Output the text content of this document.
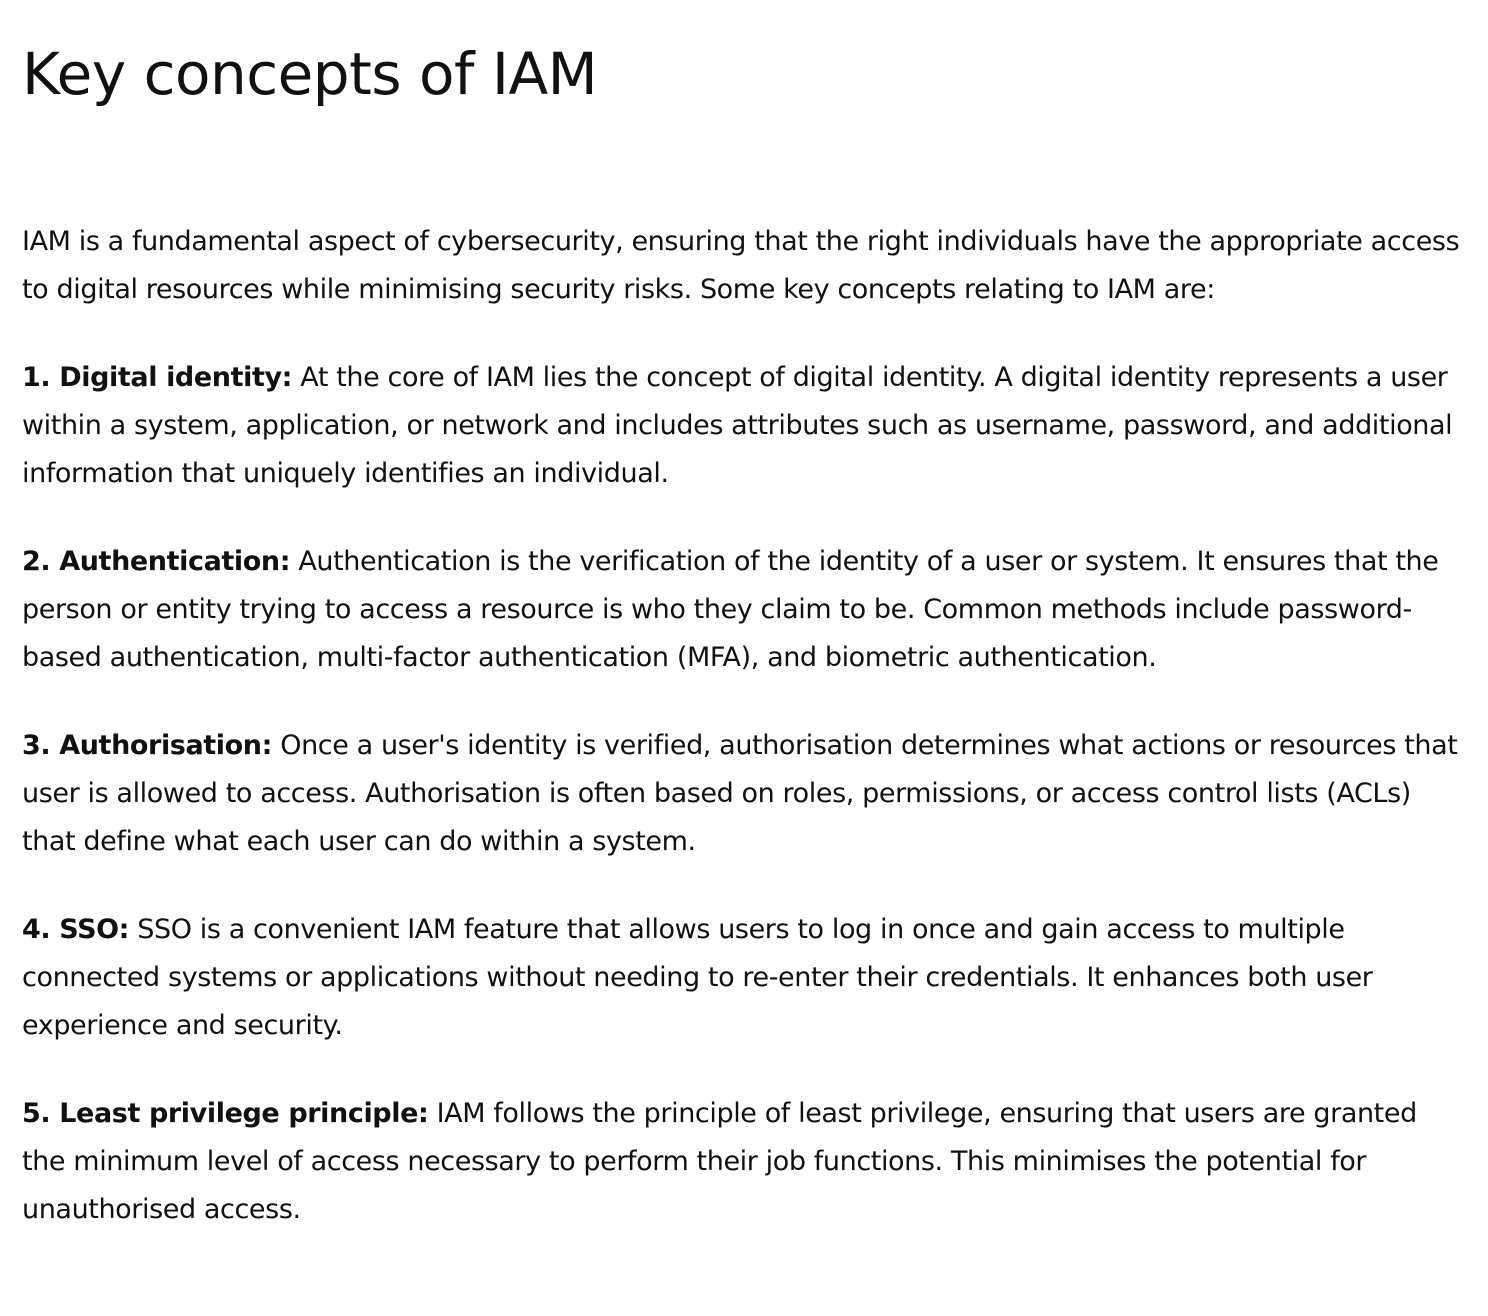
Key concepts of IAM

IAM is a fundamental aspect of cybersecurity, ensuring that the right individuals have the appropriate access to digital resources while minimising security risks. Some key concepts relating to IAM are:

1. Digital identity: At the core of IAM lies the concept of digital identity. A digital identity represents a user within a system, application, or network and includes attributes such as username, password, and additional information that uniquely identifies an individual.

2. Authentication: Authentication is the verification of the identity of a user or system. It ensures that the person or entity trying to access a resource is who they claim to be. Common methods include password-based authentication, multi-factor authentication (MFA), and biometric authentication.

3. Authorisation: Once a user's identity is verified, authorisation determines what actions or resources that user is allowed to access. Authorisation is often based on roles, permissions, or access control lists (ACLs) that define what each user can do within a system.

4. SSO: SSO is a convenient IAM feature that allows users to log in once and gain access to multiple connected systems or applications without needing to re-enter their credentials. It enhances both user experience and security.

5. Least privilege principle: IAM follows the principle of least privilege, ensuring that users are granted the minimum level of access necessary to perform their job functions. This minimises the potential for unauthorised access.
